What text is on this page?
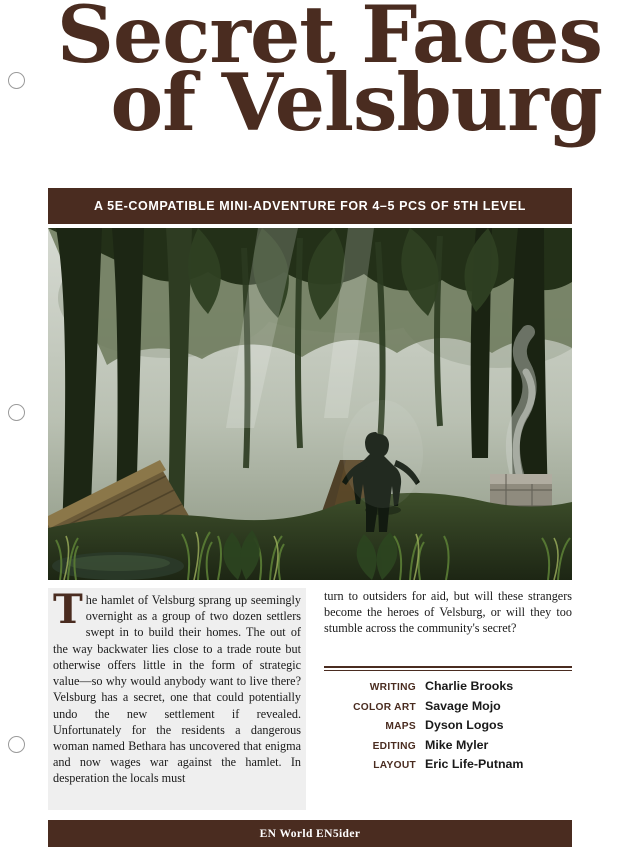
Secret Faces
of Velsburg
A 5E-COMPATIBLE MINI-ADVENTURE FOR 4–5 PCS OF 5TH LEVEL
The hamlet of Velsburg sprang up seemingly overnight as a group of two dozen settlers swept in to build their homes. The out of the way backwater lies close to a trade route but otherwise offers little in the form of strategic value—so why would anybody want to live there? Velsburg has a secret, one that could potentially undo the new settlement if revealed. Unfortunately for the residents a dangerous woman named Bethara has uncovered that enigma and now wages war against the hamlet. In desperation the locals must
turn to outsiders for aid, but will these strangers become the heroes of Velsburg, or will they too stumble across the community's secret?
WRITING Charlie Brooks
COLOR ART Savage Mojo
MAPS Dyson Logos
EDITING Mike Myler
LAYOUT Eric Life-Putnam
EN World EN5ider
